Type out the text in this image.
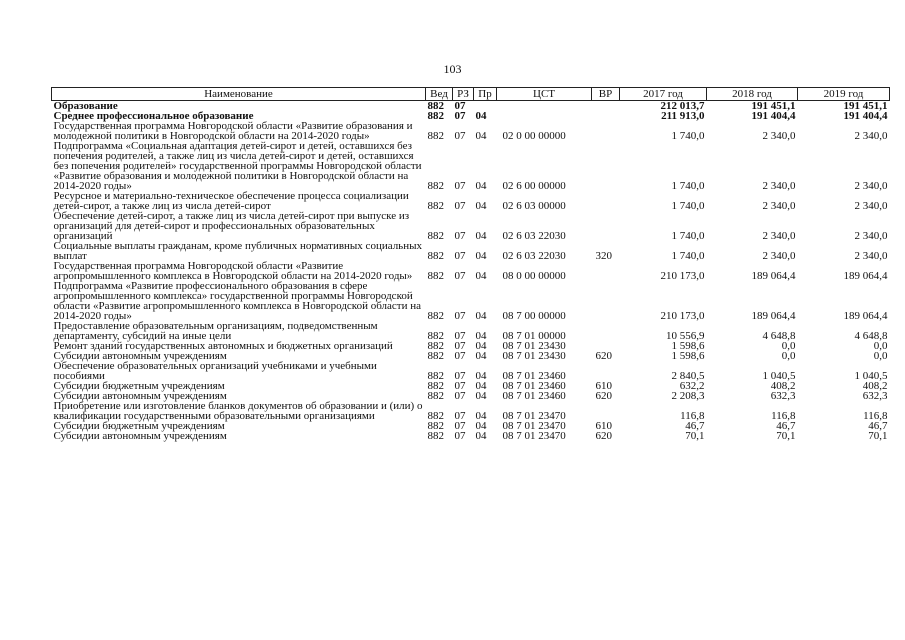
103
Наименование	Вед	РЗ	Пр	ЦСТ	ВР	2017 год	2018 год	2019 год
Образование	882	07				212 013,7	191 451,1	191 451,1
Среднее профессиональное образование	882	07	04			211 913,0	191 404,4	191 404,4
Государственная программа Новгородской области «Развитие образования и молодежной политики в Новгородской области на 2014-2020 годы»	882	07	04	02 0 00 00000		1 740,0	2 340,0	2 340,0
Подпрограмма «Социальная адаптация детей-сирот и детей, оставшихся без попечения родителей, а также лиц из числа детей-сирот и детей, оставшихся без попечения родителей» государственной программы Новгородской области «Развитие образования и молодежной политики в Новгородской области на 2014-2020 годы»	882	07	04	02 6 00 00000		1 740,0	2 340,0	2 340,0
Ресурсное и материально-техническое обеспечение процесса социализации детей-сирот, а также лиц из числа детей-сирот	882	07	04	02 6 03 00000		1 740,0	2 340,0	2 340,0
Обеспечение детей-сирот, а также лиц из числа детей-сирот при выпуске из организаций для детей-сирот и профессиональных образовательных организаций	882	07	04	02 6 03 22030		1 740,0	2 340,0	2 340,0
Социальные выплаты гражданам, кроме публичных нормативных социальных выплат	882	07	04	02 6 03 22030	320	1 740,0	2 340,0	2 340,0
Государственная программа Новгородской области «Развитие агропромышленного комплекса в Новгородской области на 2014-2020 годы»	882	07	04	08 0 00 00000		210 173,0	189 064,4	189 064,4
Подпрограмма «Развитие профессионального образования в сфере агропромышленного комплекса» государственной программы Новгородской области «Развитие агропромышленного комплекса в Новгородской области на 2014-2020 годы»	882	07	04	08 7 00 00000		210 173,0	189 064,4	189 064,4
Предоставление образовательным организациям, подведомственным департаменту, субсидий на иные цели	882	07	04	08 7 01 00000		10 556,9	4 648,8	4 648,8
Ремонт зданий государственных автономных и бюджетных организаций	882	07	04	08 7 01 23430		1 598,6	0,0	0,0
Субсидии автономным учреждениям	882	07	04	08 7 01 23430	620	1 598,6	0,0	0,0
Обеспечение образовательных организаций учебниками и учебными пособиями	882	07	04	08 7 01 23460		2 840,5	1 040,5	1 040,5
Субсидии бюджетным учреждениям	882	07	04	08 7 01 23460	610	632,2	408,2	408,2
Субсидии автономным учреждениям	882	07	04	08 7 01 23460	620	2 208,3	632,3	632,3
Приобретение или изготовление бланков документов об образовании и (или) о квалификации государственными образовательными организациями	882	07	04	08 7 01 23470		116,8	116,8	116,8
Субсидии бюджетным учреждениям	882	07	04	08 7 01 23470	610	46,7	46,7	46,7
Субсидии автономным учреждениям	882	07	04	08 7 01 23470	620	70,1	70,1	70,1
